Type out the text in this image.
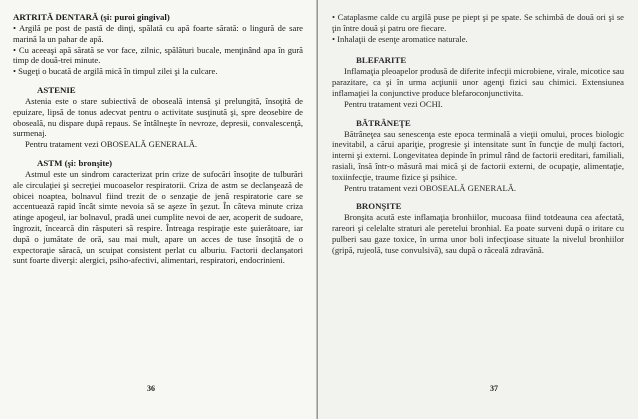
ARTRITĂ DENTARĂ (şi: puroi gingival)

• Argilă pe post de pastă de dinţi, spălată cu apă foarte sărată: o lingură de sare marină la un pahar de apă.

• Cu aceeaşi apă sărată se vor face, zilnic, spălături bucale, menţinând apa în gură timp de două-trei minute.

• Sugeţi o bucată de argilă mică în timpul zilei şi la culcare.

ASTENIE

Astenia este o stare subiectivă de oboseală intensă şi prelungită, însoţită de epuizare, lipsă de tonus adecvat pentru o activitate susţinută şi, spre deosebire de oboseală, nu dispare după repaus. Se întâlneşte în nevroze, depresii, convalescenţă, surmenaj.

Pentru tratament vezi OBOSEALĂ GENERALĂ.

ASTM (şi: bronşite)

Astmul este un sindrom caracterizat prin crize de sufocări însoţite de tulburări ale circulaţiei şi secreţiei mucoaselor respiratorii. Criza de astm se declanşează de obicei noaptea, bolnavul fiind trezit de o senzaţie de jenă respiratorie care se accentuează rapid încât simte nevoia să se aşeze în şezut. În câteva minute criza atinge apogeul, iar bolnavul, pradă unei cumplite nevoi de aer, acoperit de sudoare, îngrozit, încearcă din răsputeri să respire. Întreaga respiraţie este şuierătoare, iar după o jumătate de oră, sau mai mult, apare un acces de tuse însoţită de o expectoraţie săracă, un scuipat consistent perlat cu alburiu. Factorii declanşatori sunt foarte diverşi: alergici, psiho-afectivi, alimentari, respiratori, endocrinieni.

36

• Cataplasme calde cu argilă puse pe piept şi pe spate. Se schimbă de două ori şi se ţin între două şi patru ore fiecare.

• Inhalaţii de esenţe aromatice naturale.

BLEFARITE

Inflamaţia pleoapelor produsă de diferite infecţii microbiene, virale, micotice sau parazitare, ca şi în urma acţiunii unor agenţi fizici sau chimici. Extensiunea inflamaţiei la conjunctive produce blefaroconjunctivita.

Pentru tratament vezi OCHI.

BĂTRÂNEŢE

Bătrâneţea sau senescenţa este epoca terminală a vieţii omului, proces biologic inevitabil, a cărui apariţie, progresie şi intensitate sunt în funcţie de mulţi factori, interni şi externi. Longevitatea depinde în primul rând de factorii ereditari, familiali, rasiali, însă într-o măsură mai mică şi de factorii externi, de ocupaţie, alimentaţie, toxiinfecţie, traume fizice şi psihice.

Pentru tratament vezi OBOSEALĂ GENERALĂ.

BRONŞITE

Bronşita acută este inflamaţia bronhiilor, mucoasa fiind totdeauna cea afectată, rareori şi celelalte straturi ale peretelui bronhial. Ea poate surveni după o iritare cu pulberi sau gaze toxice, în urma unor boli infecţioase situate la nivelul bronhiilor (gripă, rujeolă, tuse convulsivă), sau după o răceală zdravănă.

37
